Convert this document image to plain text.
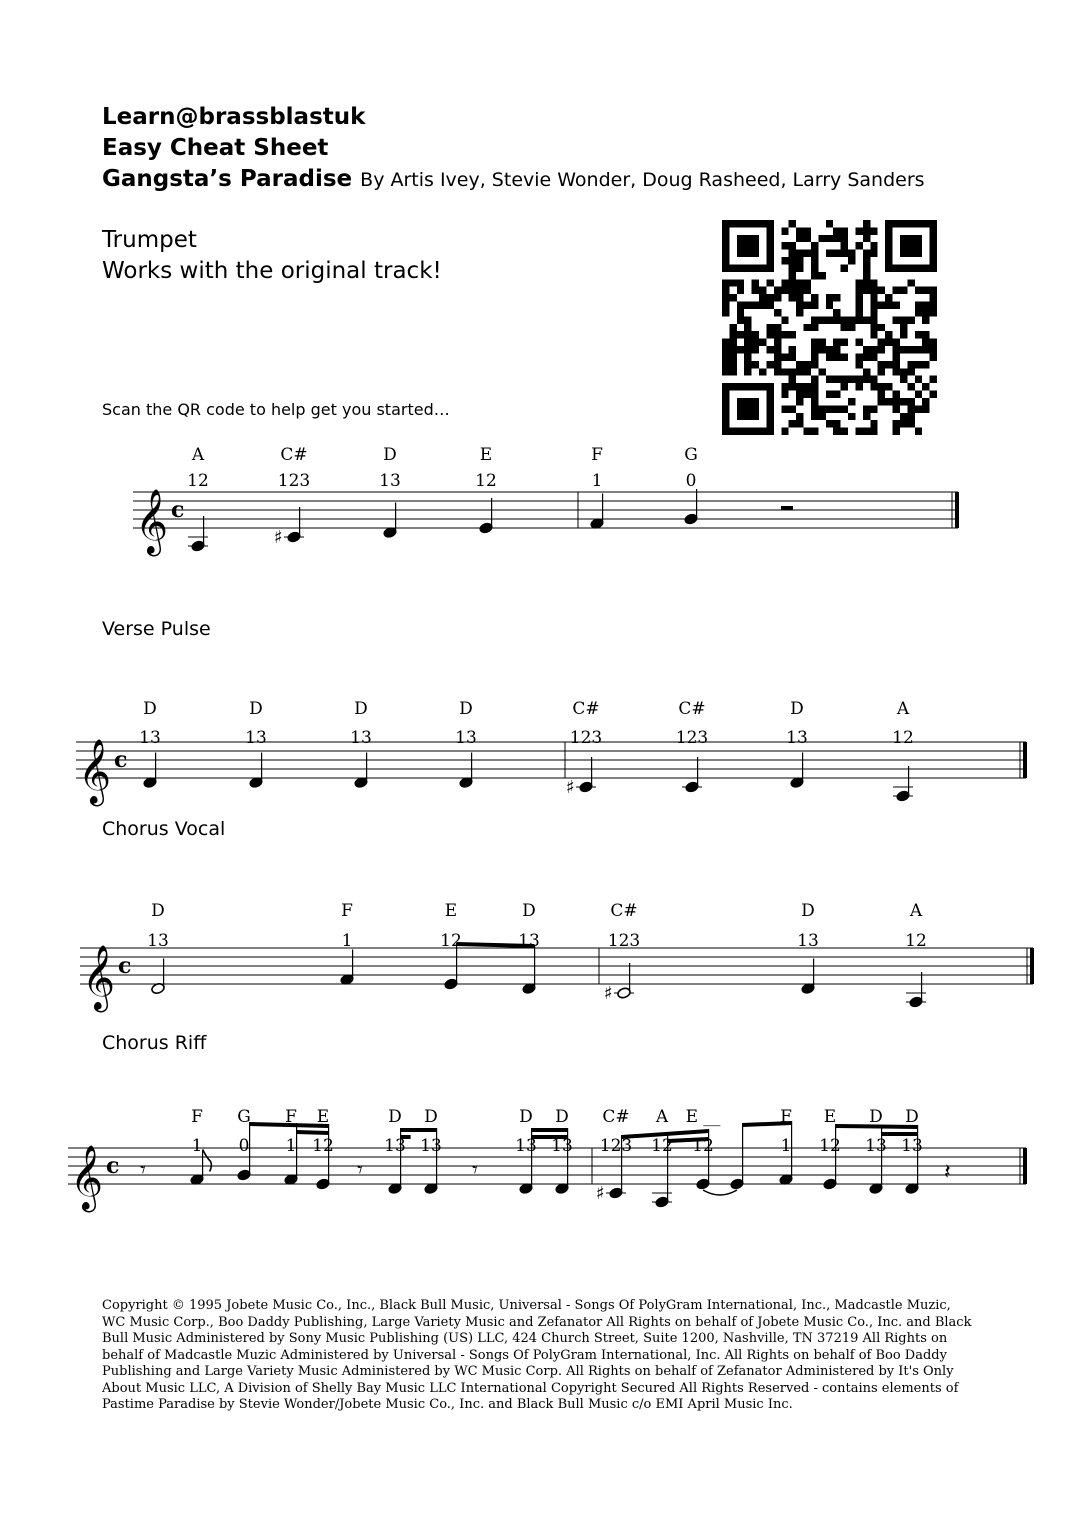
Learn@brassblastuk
Easy Cheat Sheet
Gangsta’s Paradise By Artis Ivey, Stevie Wonder, Doug Rasheed, Larry Sanders
Trumpet
Works with the original track!
Scan the QR code to help get you started…
Verse Pulse
Chorus Vocal
Chorus Riff
𝄞 c
A
12
♯
C#
123
D
13
E
12
F
1
G
0
𝄞 c
D
13
D
13
D
13
D
13
♯
C#
123
C#
123
D
13
A
12
𝄞 c
♯
D
13
F
1
E
12
D
13
C#
123
D
13
A
12
𝄞 c 𝄾	𝄾	𝄾
♯
𝄽
F
1
G
0
F
1
E
12
D
13
D
13
D
13
D
13
C#
123
A
12
E __
12
F
1
E
12
D
13
D
13
Copyright © 1995 Jobete Music Co., Inc., Black Bull Music, Universal - Songs Of PolyGram International, Inc., Madcastle Muzic, WC Music Corp., Boo Daddy Publishing, Large Variety Music and Zefanator All Rights on behalf of Jobete Music Co., Inc. and Black Bull Music Administered by Sony Music Publishing (US) LLC, 424 Church Street, Suite 1200, Nashville, TN 37219 All Rights on behalf of Madcastle Muzic Administered by Universal - Songs Of PolyGram International, Inc. All Rights on behalf of Boo Daddy Publishing and Large Variety Music Administered by WC Music Corp. All Rights on behalf of Zefanator Administered by It's Only About Music LLC, A Division of Shelly Bay Music LLC International Copyright Secured All Rights Reserved - contains elements of Pastime Paradise by Stevie Wonder/Jobete Music Co., Inc. and Black Bull Music c/o EMI April Music Inc.
